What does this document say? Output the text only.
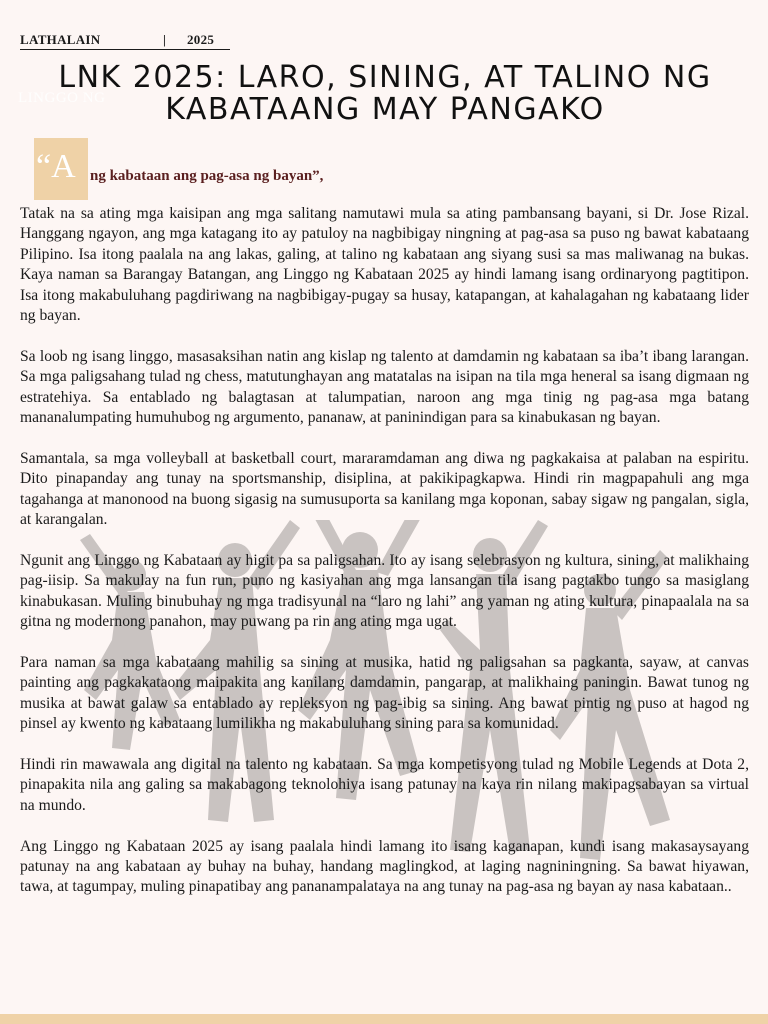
LATHALAIN	| 2025
LINGGO NG
LNK 2025: LARO, SINING, AT TALINO NG KABATAANG MAY PANGAKO
“A ng kabataan ang pag-asa ng bayan”,

Tatak na sa ating mga kaisipan ang mga salitang namutawi mula sa ating pambansang bayani, si Dr. Jose Rizal. Hanggang ngayon, ang mga katagang ito ay patuloy na nagbibigay ningning at pag-asa sa puso ng bawat kabataang Pilipino. Isa itong paalala na ang lakas, galing, at talino ng kabataan ang siyang susi sa mas maliwanag na bukas. Kaya naman sa Barangay Batangan, ang Linggo ng Kabataan 2025 ay hindi lamang isang ordinaryong pagtitipon. Isa itong makabuluhang pagdiriwang na nagbibigay-pugay sa husay, katapangan, at kahalagahan ng kabataang lider ng bayan.

Sa loob ng isang linggo, masasaksihan natin ang kislap ng talento at damdamin ng kabataan sa iba’t ibang larangan. Sa mga paligsahang tulad ng chess, matutunghayan ang matatalas na isipan na tila mga heneral sa isang digmaan ng estratehiya. Sa entablado ng balagtasan at talumpatian, naroon ang mga tinig ng pag-asa mga batang mananalumpating humuhubog ng argumento, pananaw, at paninindigan para sa kinabukasan ng bayan.

Samantala, sa mga volleyball at basketball court, mararamdaman ang diwa ng pagkakaisa at palaban na espiritu. Dito pinapanday ang tunay na sportsmanship, disiplina, at pakikipagkapwa. Hindi rin magpapahuli ang mga tagahanga at manonood na buong sigasig na sumusuporta sa kanilang mga koponan, sabay sigaw ng pangalan, sigla, at karangalan.

Ngunit ang Linggo ng Kabataan ay higit pa sa paligsahan. Ito ay isang selebrasyon ng kultura, sining, at malikhaing pag-iisip. Sa makulay na fun run, puno ng kasiyahan ang mga lansangan tila isang pagtakbo tungo sa masiglang kinabukasan. Muling binubuhay ng mga tradisyunal na “laro ng lahi” ang yaman ng ating kultura, pinapaalala na sa gitna ng modernong panahon, may puwang pa rin ang ating mga ugat.

Para naman sa mga kabataang mahilig sa sining at musika, hatid ng paligsahan sa pagkanta, sayaw, at canvas painting ang pagkakataong maipakita ang kanilang damdamin, pangarap, at malikhaing paningin. Bawat tunog ng musika at bawat galaw sa entablado ay repleksyon ng pag-ibig sa sining. Ang bawat pintig ng puso at hagod ng pinsel ay kwento ng kabataang lumilikha ng makabuluhang sining para sa komunidad.

Hindi rin mawawala ang digital na talento ng kabataan. Sa mga kompetisyong tulad ng Mobile Legends at Dota 2, pinapakita nila ang galing sa makabagong teknolohiya isang patunay na kaya rin nilang makipagsabayan sa virtual na mundo.

Ang Linggo ng Kabataan 2025 ay isang paalala hindi lamang ito isang kaganapan, kundi isang makasaysayang patunay na ang kabataan ay buhay na buhay, handang maglingkod, at laging nagniningning. Sa bawat hiyawan, tawa, at tagumpay, muling pinapatibay ang pananampalataya na ang tunay na pag-asa ng bayan ay nasa kabataan..
